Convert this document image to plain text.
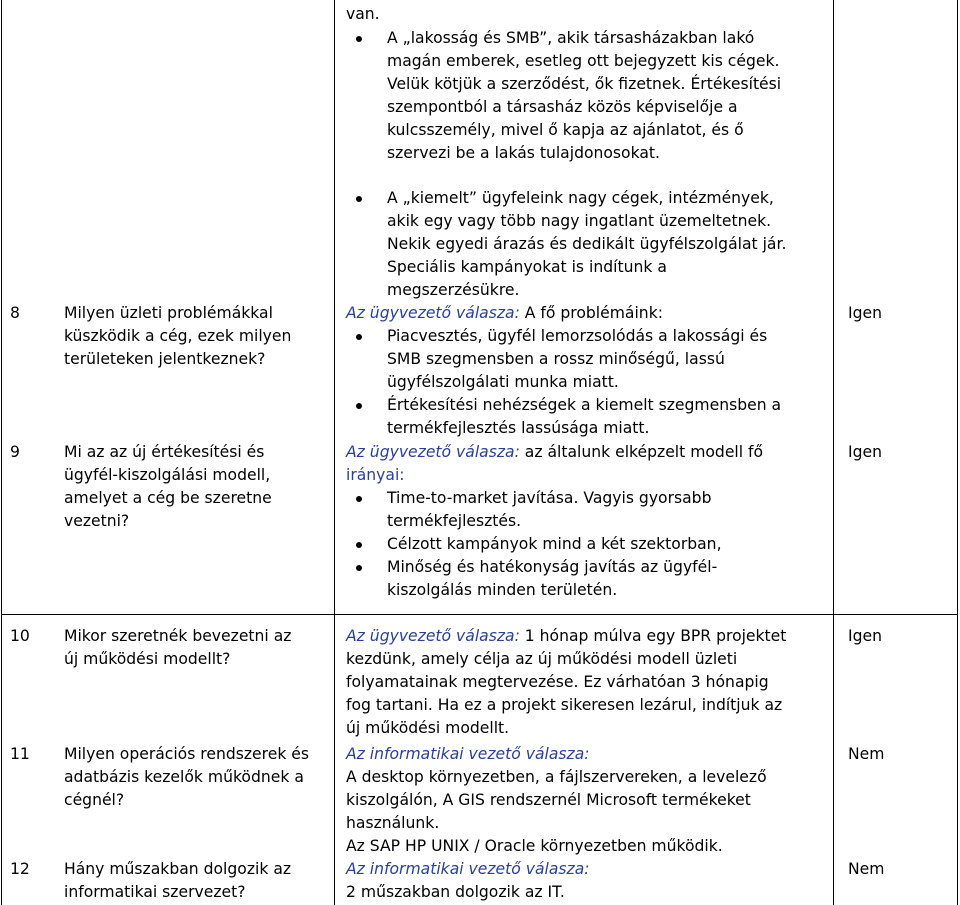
van.
A „lakosság és SMB”, akik társasházakban lakó
magán emberek, esetleg ott bejegyzett kis cégek.
Velük kötjük a szerződést, ők fizetnek. Értékesítési
szempontból a társasház közös képviselője a
kulcsszemély, mivel ő kapja az ajánlatot, és ő
szervezi be a lakás tulajdonosokat.
A „kiemelt” ügyfeleink nagy cégek, intézmények,
akik egy vagy több nagy ingatlant üzemeltetnek.
Nekik egyedi árazás és dedikált ügyfélszolgálat jár.
Speciális kampányokat is indítunk a
megszerzésükre.
8	Milyen üzleti problémákkal
küszködik a cég, ezek milyen
területeken jelentkeznek?
Az ügyvezető válasza: A fő problémáink:
Piacvesztés, ügyfél lemorzsolódás a lakossági és
SMB szegmensben a rossz minőségű, lassú
ügyfélszolgálati munka miatt.
Értékesítési nehézségek a kiemelt szegmensben a
termékfejlesztés lassúsága miatt.
Igen
9	Mi az az új értékesítési és
ügyfél-kiszolgálási modell,
amelyet a cég be szeretne
vezetni?
Az ügyvezető válasza: az általunk elképzelt modell fő
irányai:
Time-to-market javítása. Vagyis gyorsabb
termékfejlesztés.
Célzott kampányok mind a két szektorban,
Minőség és hatékonyság javítás az ügyfél-
kiszolgálás minden területén.
Igen
10 Mikor szeretnék bevezetni az
új működési modellt?
Az ügyvezető válasza: 1 hónap múlva egy BPR projektet
kezdünk, amely célja az új működési modell üzleti
folyamatainak megtervezése. Ez várhatóan 3 hónapig
fog tartani. Ha ez a projekt sikeresen lezárul, indítjuk az
új működési modellt.
Igen
11 Milyen operációs rendszerek és
adatbázis kezelők működnek a
cégnél?
Az informatikai vezető válasza:
A desktop környezetben, a fájlszervereken, a levelező
kiszolgálón, A GIS rendszernél Microsoft termékeket
használunk.
Az SAP HP UNIX / Oracle környezetben működik.
Nem
12 Hány műszakban dolgozik az
informatikai szervezet?
Az informatikai vezető válasza:
2 műszakban dolgozik az IT.
Nem
